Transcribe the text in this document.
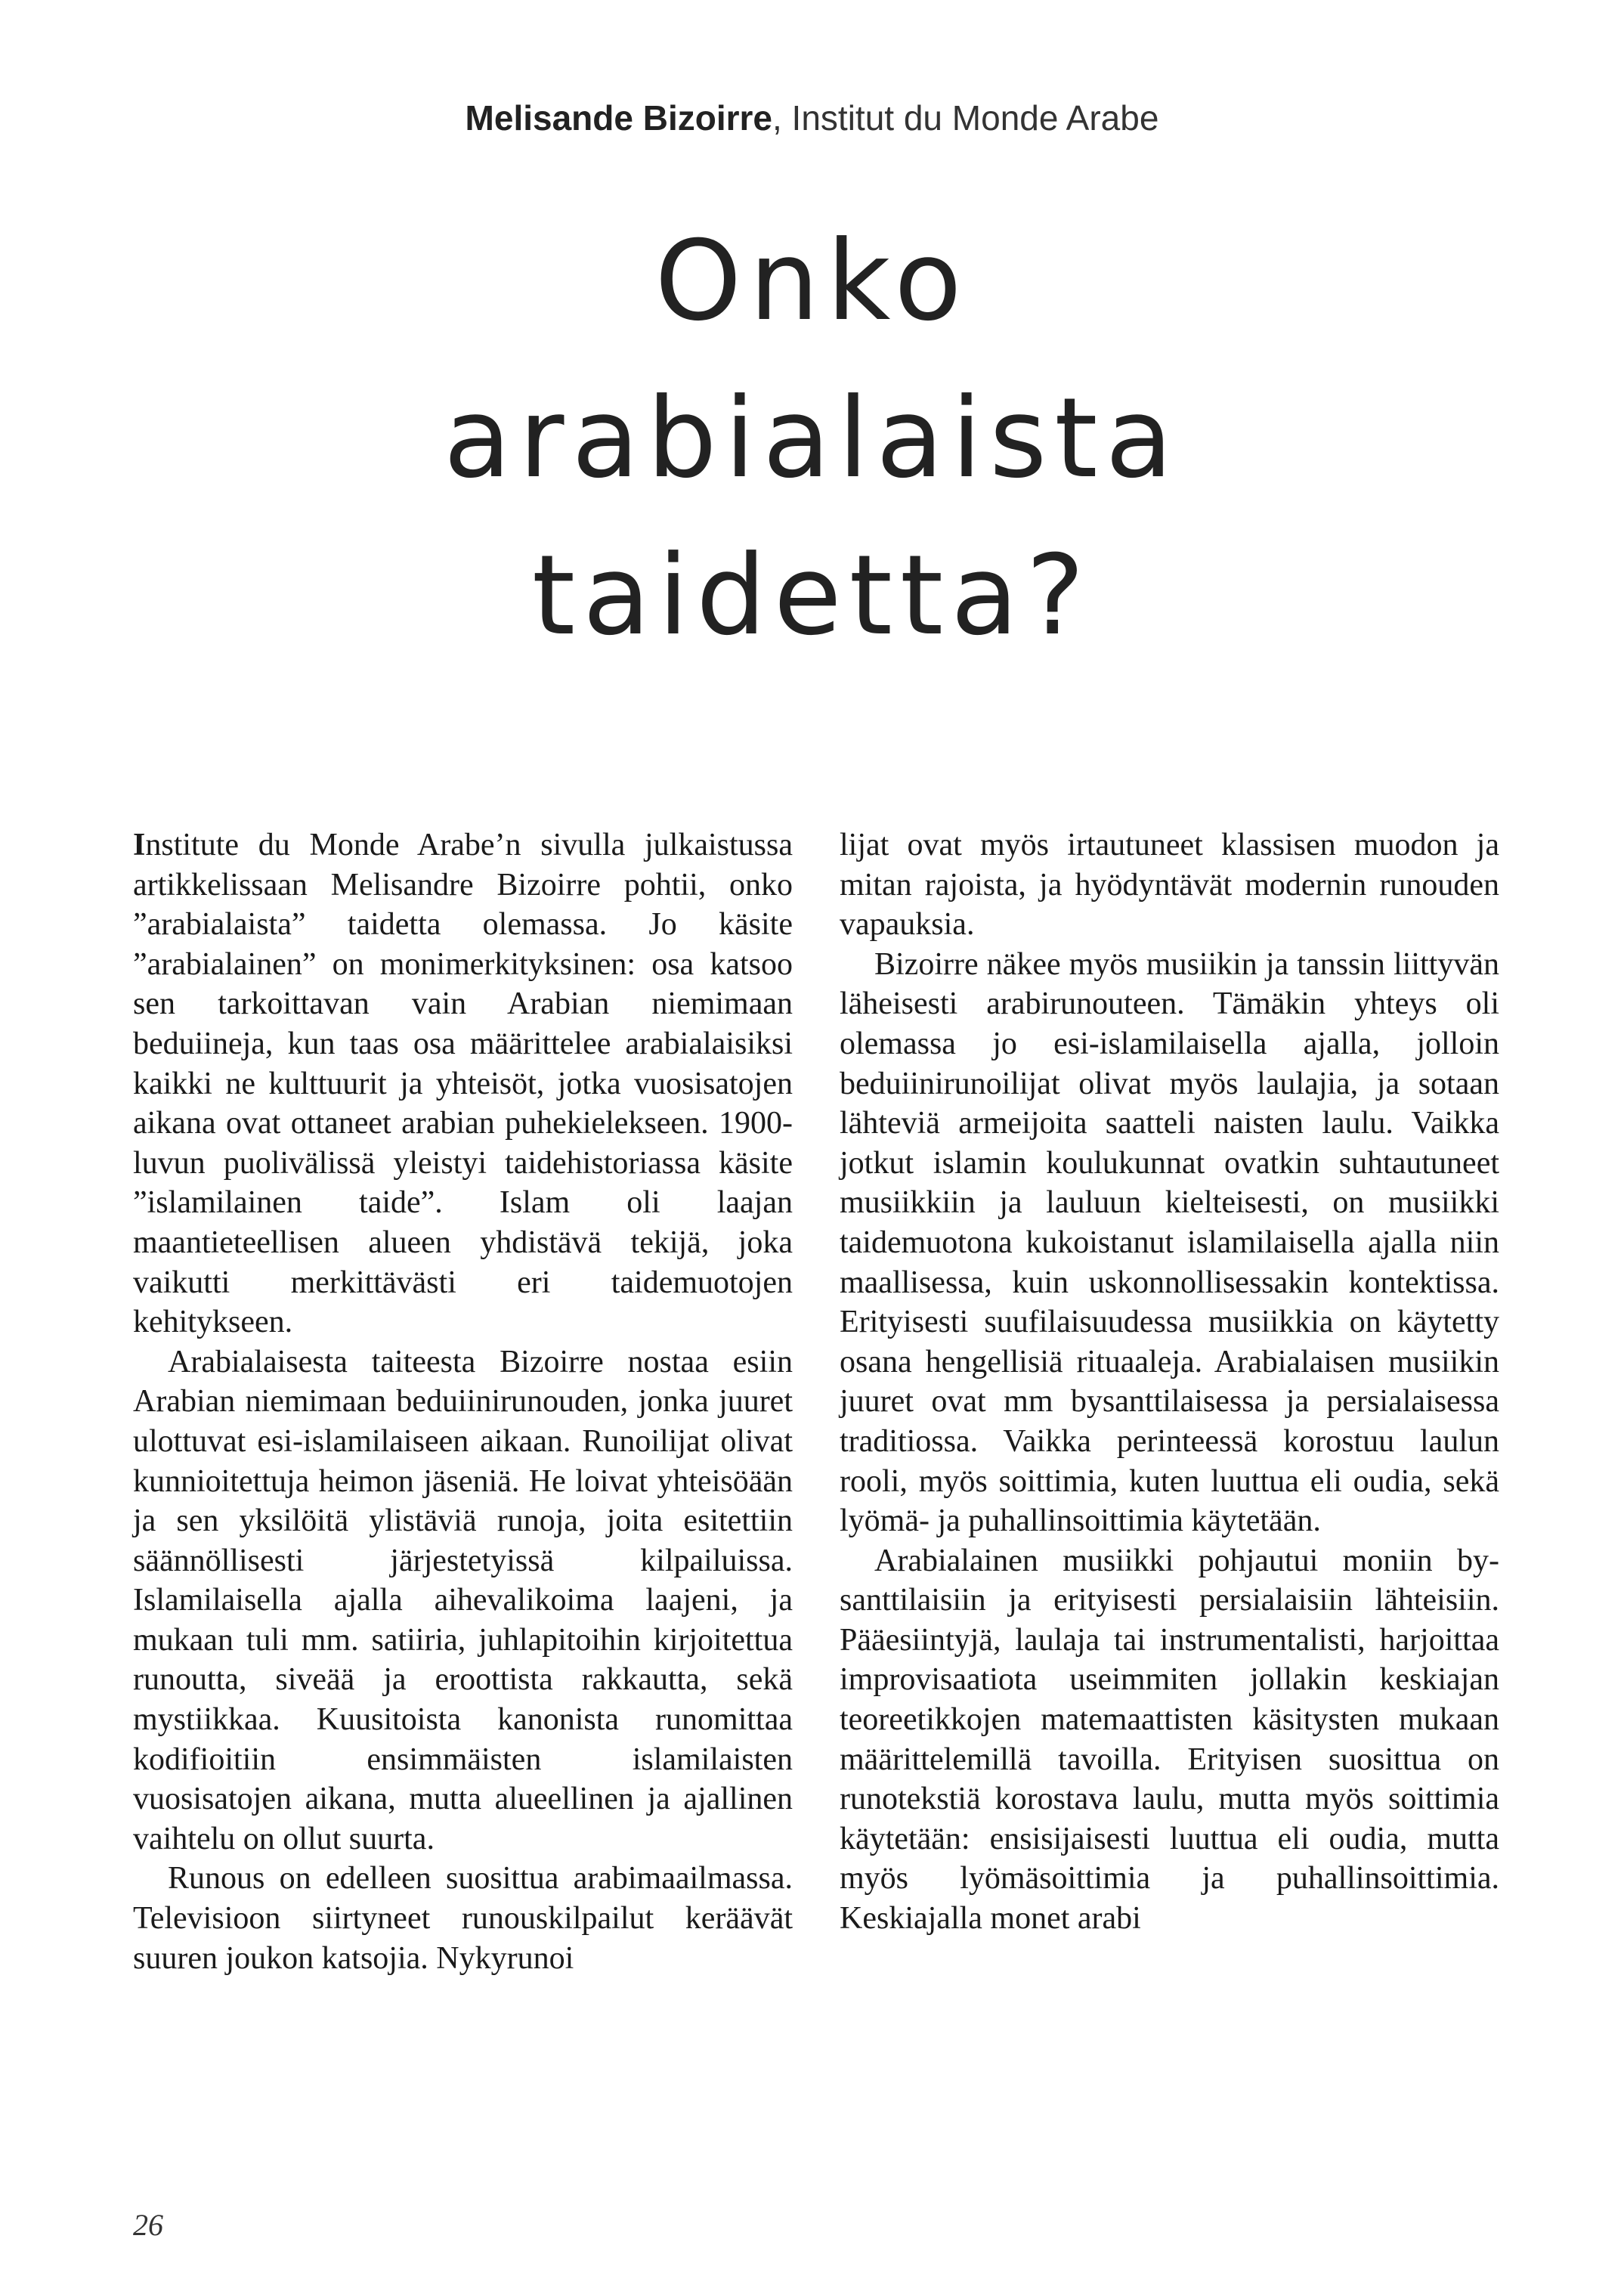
Melisande Bizoirre, Institut du Monde Arabe
Onko
arabialaista
taidetta?

Institute du Monde Arabe’n sivulla julkaistussa artikkelissaan Melisandre Bizoirre pohtii, onko ”arabialaista” taidetta olemassa. Jo käsite ”arabialainen” on monimerkityksinen: osa katsoo sen tarkoittavan vain Arabian niemimaan beduiineja, kun taas osa määrittelee arabialaisiksi kaikki ne kulttuurit ja yhteisöt, jotka vuosisatojen aikana ovat ottaneet arabian puhekielekseen. 1900-luvun puolivälissä yleistyi taidehistoriassa käsite ”islamilainen taide”. Islam oli laajan maantieteellisen alueen yhdistävä tekijä, joka vaikutti merkittävästi eri taidemuotojen kehitykseen.

Arabialaisesta taiteesta Bizoirre nostaa esiin Arabian niemimaan beduiinirunouden, jonka juuret ulottuvat esi-islamilaiseen aikaan. Runoilijat olivat kunnioitettuja heimon jäseniä. He loivat yhteisöään ja sen yksilöitä ylistäviä runoja, joita esitettiin säännöllisesti järjestetyissä kilpailuissa. Islamilaisella ajalla aihevalikoima laajeni, ja mukaan tuli mm. satiiria, juhlapitoihin kirjoitettua runoutta, siveää ja eroottista rakkautta, sekä mystiikkaa. Kuusitoista kanonista runomittaa kodifioitiin ensimmäisten islamilaisten vuosisatojen aikana, mutta alueellinen ja ajallinen vaihtelu on ollut suurta.

Runous on edelleen suosittua arabimaailmassa. Televisioon siirtyneet runouskilpailut keräävät suuren joukon katsojia. Nykyrunoi

lijat ovat myös irtautuneet klassisen muodon ja mitan rajoista, ja hyödyntävät modernin runouden vapauksia.

Bizoirre näkee myös musiikin ja tanssin liittyvän läheisesti arabirunouteen. Tämäkin yhteys oli olemassa jo esi-islamilaisella ajalla, jolloin beduiinirunoilijat olivat myös laulajia, ja sotaan lähteviä armeijoita saatteli naisten laulu. Vaikka jotkut islamin koulukunnat ovatkin suhtautuneet musiikkiin ja lauluun kielteisesti, on musiikki taidemuotona kukoistanut islamilaisella ajalla niin maallisessa, kuin uskonnollisessakin kontektissa. Erityisesti suufilaisuudessa musiikkia on käytetty osana hengellisiä rituaaleja. Arabialaisen musiikin juuret ovat mm bysanttilaisessa ja persialaisessa traditiossa. Vaikka perinteessä korostuu laulun rooli, myös soittimia, kuten luuttua eli oudia, sekä lyömä- ja puhallinsoittimia käytetään.

Arabialainen musiikki pohjautui moniin bysanttilaisiin ja erityisesti persialaisiin lähteisiin. Pääesiintyjä, laulaja tai instrumentalisti, harjoittaa improvisaatiota useimmiten jollakin keskiajan teoreetikkojen matemaattisten käsitysten mukaan määrittelemillä tavoilla. Erityisen suosittua on runotekstiä korostava laulu, mutta myös soittimia käytetään: ensisijaisesti luuttua eli oudia, mutta myös lyömäsoittimia ja puhallinsoittimia. Keskiajalla monet arabi

26
